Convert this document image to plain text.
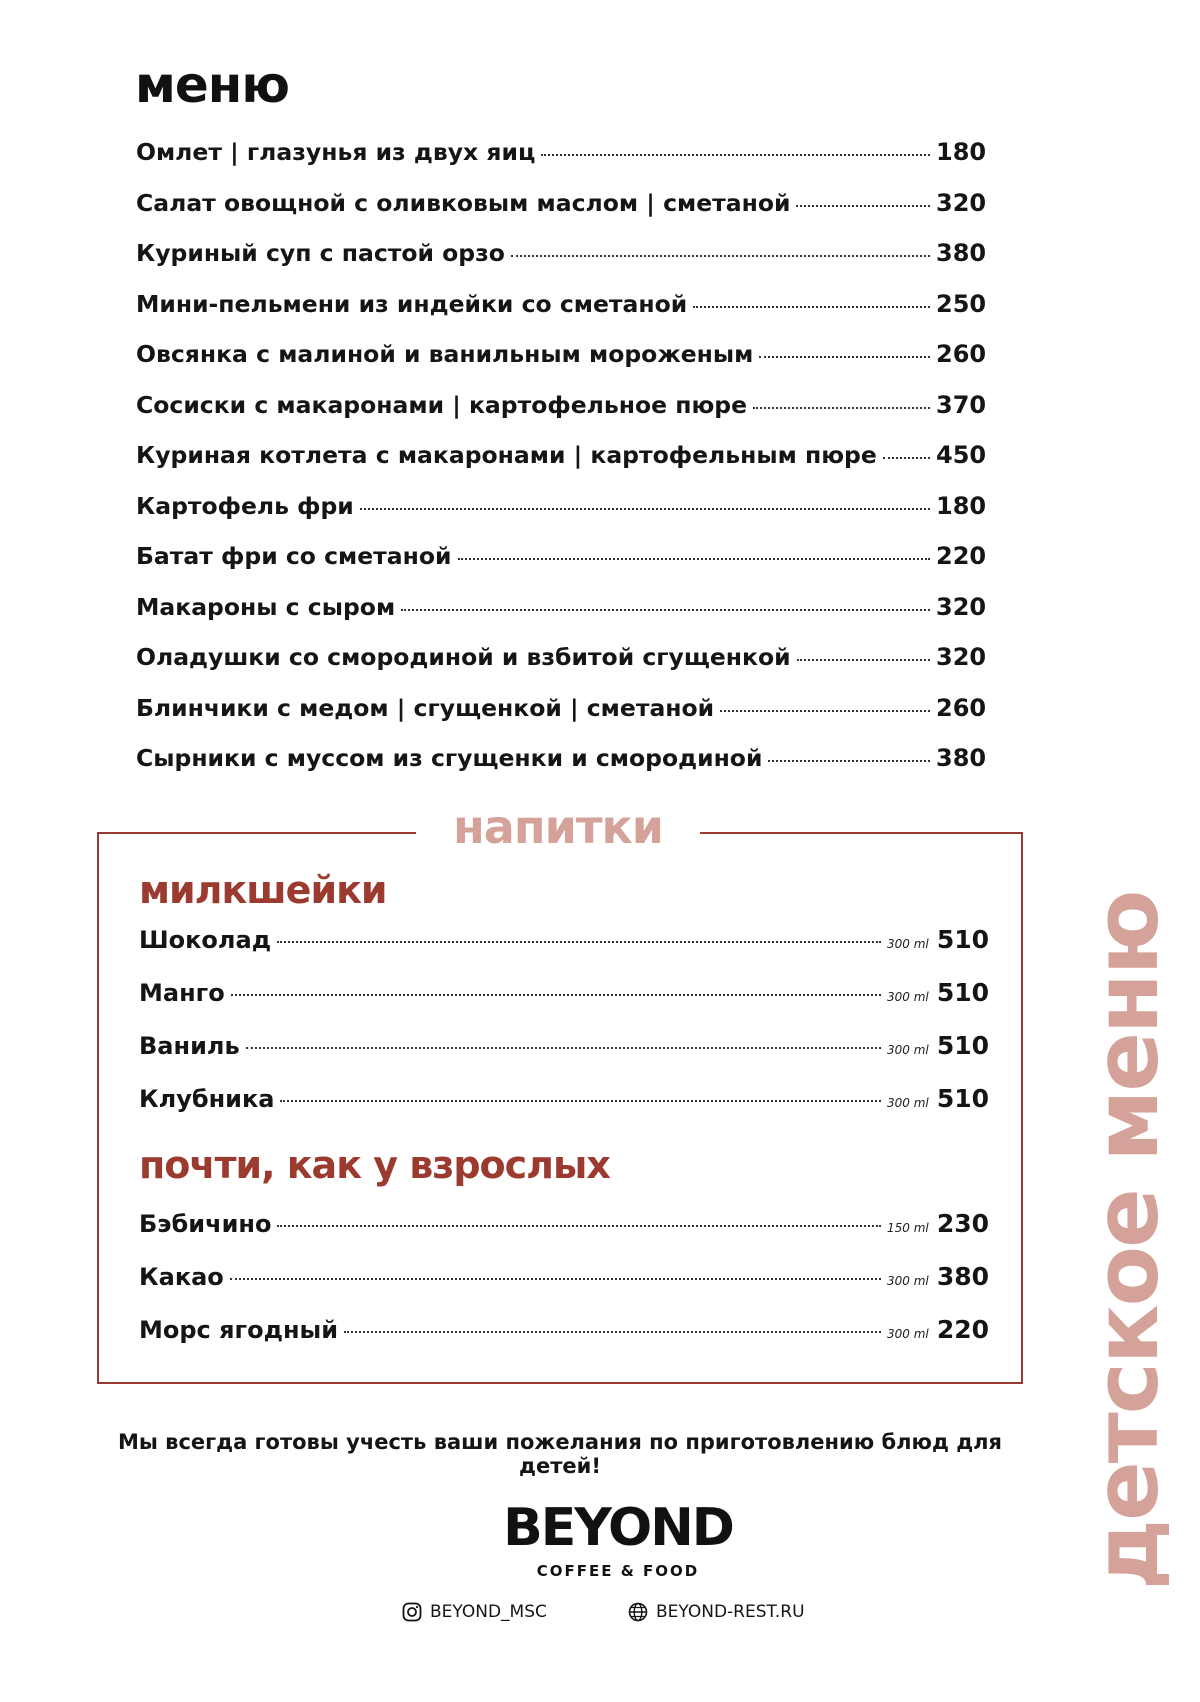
меню
Омлет | глазунья из двух яиц	180
Салат овощной с оливковым маслом | сметаной	320
Куриный суп с пастой орзо	380
Мини-пельмени из индейки со сметаной	250
Овсянка с малиной и ванильным мороженым	260
Сосиски с макаронами | картофельное пюре	370
Куриная котлета с макаронами | картофельным пюре 450
Картофель фри	180
Батат фри со сметаной	220
Макароны с сыром	320
Оладушки со смородиной и взбитой сгущенкой	320
Блинчики с медом | сгущенкой | сметаной	260
Сырники с муссом из сгущенки и смородиной	380
напитки
милкшейки
Шоколад	300 ml 510
Манго	300 ml 510
Ваниль	300 ml 510
Клубника	300 ml 510
почти, как у взрослых
Бэбичино	150 ml 230
Какао	300 ml 380
Морс ягодный	300 ml 220 детское меню
Мы всегда готовы учесть ваши пожелания по приготовлению блюд для детей!
BEYOND
COFFEE & FOOD
BEYOND_MSC	BEYOND-REST.RU
